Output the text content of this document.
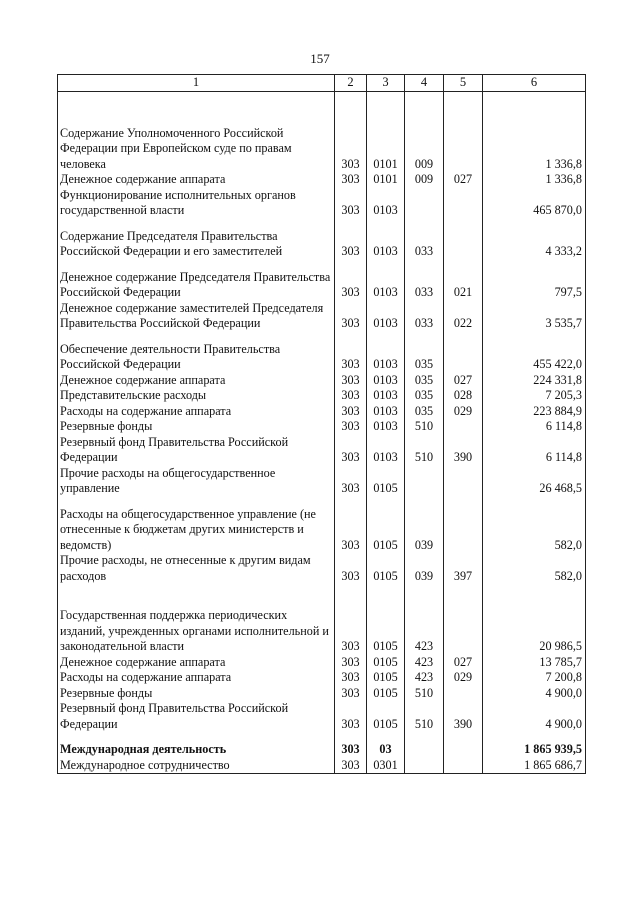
157
1	2	3	4	5	6

Содержание Уполномоченного Российской Федерации при Европейском суде по правам человека	303	0101	009		1 336,8
Денежное содержание аппарата	303	0101	009	027	1 336,8
Функционирование исполнительных органов государственной власти	303	0103			465 870,0
Содержание Председателя Правительства Российской Федерации и его заместителей	303	0103	033		4 333,2
Денежное содержание Председателя Правительства Российской Федерации	303	0103	033	021	797,5
Денежное содержание заместителей Председателя Правительства Российской Федерации	303	0103	033	022	3 535,7
Обеспечение деятельности Правительства Российской Федерации	303	0103	035		455 422,0
Денежное содержание аппарата	303	0103	035	027	224 331,8
Представительские расходы	303	0103	035	028	7 205,3
Расходы на содержание аппарата	303	0103	035	029	223 884,9
Резервные фонды	303	0103	510		6 114,8
Резервный фонд Правительства Российской Федерации	303	0103	510	390	6 114,8
Прочие расходы на общегосударственное управление	303	0105			26 468,5
Расходы на общегосударственное управление (не отнесенные к бюджетам других министерств и ведомств)	303	0105	039		582,0
Прочие расходы, не отнесенные к другим видам расходов	303	0105	039	397	582,0
Государственная поддержка периодических изданий, учрежденных органами исполнительной и законодательной власти	303	0105	423		20 986,5
Денежное содержание аппарата	303	0105	423	027	13 785,7
Расходы на содержание аппарата	303	0105	423	029	7 200,8
Резервные фонды	303	0105	510		4 900,0
Резервный фонд Правительства Российской Федерации	303	0105	510	390	4 900,0
Международная деятельность	303	03			1 865 939,5
Международное сотрудничество	303	0301			1 865 686,7
